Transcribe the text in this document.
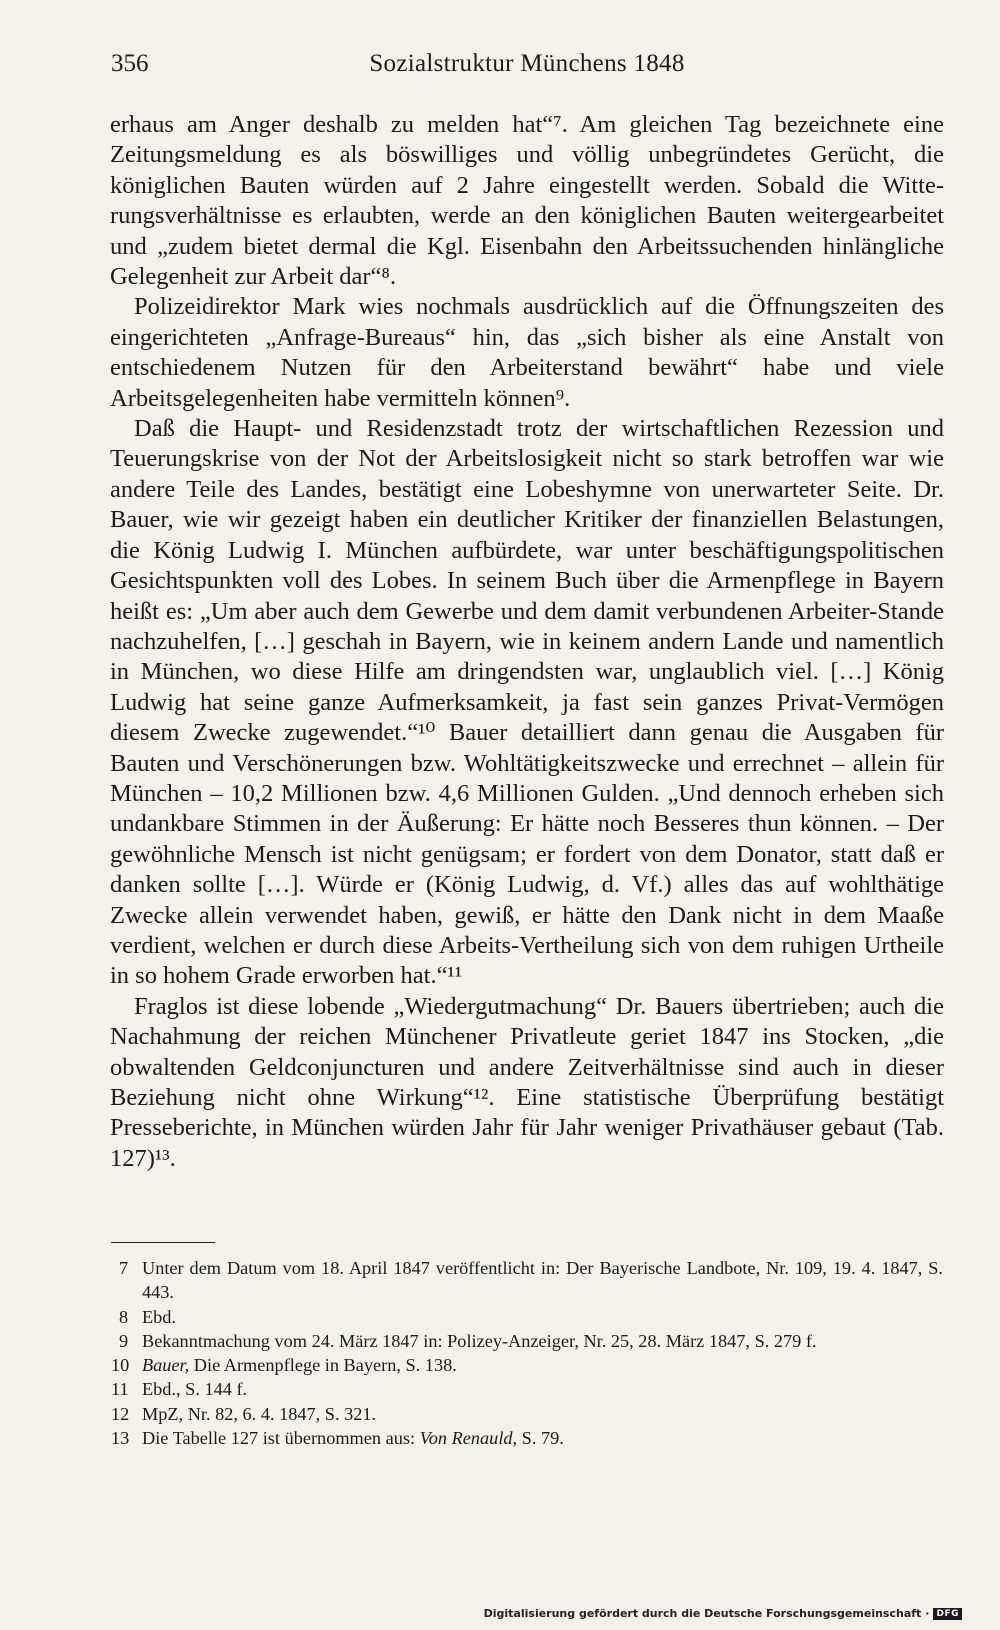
356	Sozialstruktur Münchens 1848

erhaus am Anger deshalb zu melden hat“⁷. Am gleichen Tag bezeichnete eine Zeitungsmeldung es als böswilliges und völlig unbegründetes Gerücht, die königlichen Bauten würden auf 2 Jahre eingestellt werden. Sobald die Witterungsverhältnisse es erlaubten, werde an den königlichen Bauten weitergearbeitet und „zudem bietet dermal die Kgl. Eisenbahn den Arbeitssuchenden hinlängliche Gelegenheit zur Arbeit dar“⁸.

Polizeidirektor Mark wies nochmals ausdrücklich auf die Öffnungszeiten des eingerichteten „Anfrage-Bureaus“ hin, das „sich bisher als eine Anstalt von entschiedenem Nutzen für den Arbeiterstand bewährt“ habe und viele Arbeitsgelegenheiten habe vermitteln können⁹.

Daß die Haupt- und Residenzstadt trotz der wirtschaftlichen Rezession und Teuerungskrise von der Not der Arbeitslosigkeit nicht so stark betroffen war wie andere Teile des Landes, bestätigt eine Lobeshymne von unerwarteter Seite. Dr. Bauer, wie wir gezeigt haben ein deutlicher Kritiker der finanziellen Belastungen, die König Ludwig I. München aufbürdete, war unter beschäftigungspolitischen Gesichtspunkten voll des Lobes. In seinem Buch über die Armenpflege in Bayern heißt es: „Um aber auch dem Gewerbe und dem damit verbundenen Arbeiter-Stande nachzuhelfen, […] geschah in Bayern, wie in keinem andern Lande und namentlich in München, wo diese Hilfe am dringendsten war, unglaublich viel. […] König Ludwig hat seine ganze Aufmerksamkeit, ja fast sein ganzes Privat-Vermögen diesem Zwecke zugewendet.“¹⁰ Bauer detailliert dann genau die Ausgaben für Bauten und Verschönerungen bzw. Wohltätigkeitszwecke und errechnet – allein für München – 10,2 Millionen bzw. 4,6 Millionen Gulden. „Und dennoch erheben sich undankbare Stimmen in der Äußerung: Er hätte noch Besseres thun können. – Der gewöhnliche Mensch ist nicht genügsam; er fordert von dem Donator, statt daß er danken sollte […]. Würde er (König Ludwig, d. Vf.) alles das auf wohlthätige Zwecke allein verwendet haben, gewiß, er hätte den Dank nicht in dem Maaße verdient, welchen er durch diese Arbeits-Vertheilung sich von dem ruhigen Urtheile in so hohem Grade erworben hat.“¹¹

Fraglos ist diese lobende „Wiedergutmachung“ Dr. Bauers übertrieben; auch die Nachahmung der reichen Münchener Privatleute geriet 1847 ins Stocken, „die obwaltenden Geldconjuncturen und andere Zeitverhältnisse sind auch in dieser Beziehung nicht ohne Wirkung“¹². Eine statistische Überprüfung bestätigt Presseberichte, in München würden Jahr für Jahr weniger Privathäuser gebaut (Tab. 127)¹³.

7 Unter dem Datum vom 18. April 1847 veröffentlicht in: Der Bayerische Landbote, Nr. 109, 19. 4. 1847, S. 443.
8 Ebd.
9 Bekanntmachung vom 24. März 1847 in: Polizey-Anzeiger, Nr. 25, 28. März 1847, S. 279 f.
10 Bauer, Die Armenpflege in Bayern, S. 138.
11 Ebd., S. 144 f.
12 MpZ, Nr. 82, 6. 4. 1847, S. 321.
13 Die Tabelle 127 ist übernommen aus: Von Renauld, S. 79.
Digitalisierung gefördert durch die Deutsche Forschungsgemeinschaft · DFG
